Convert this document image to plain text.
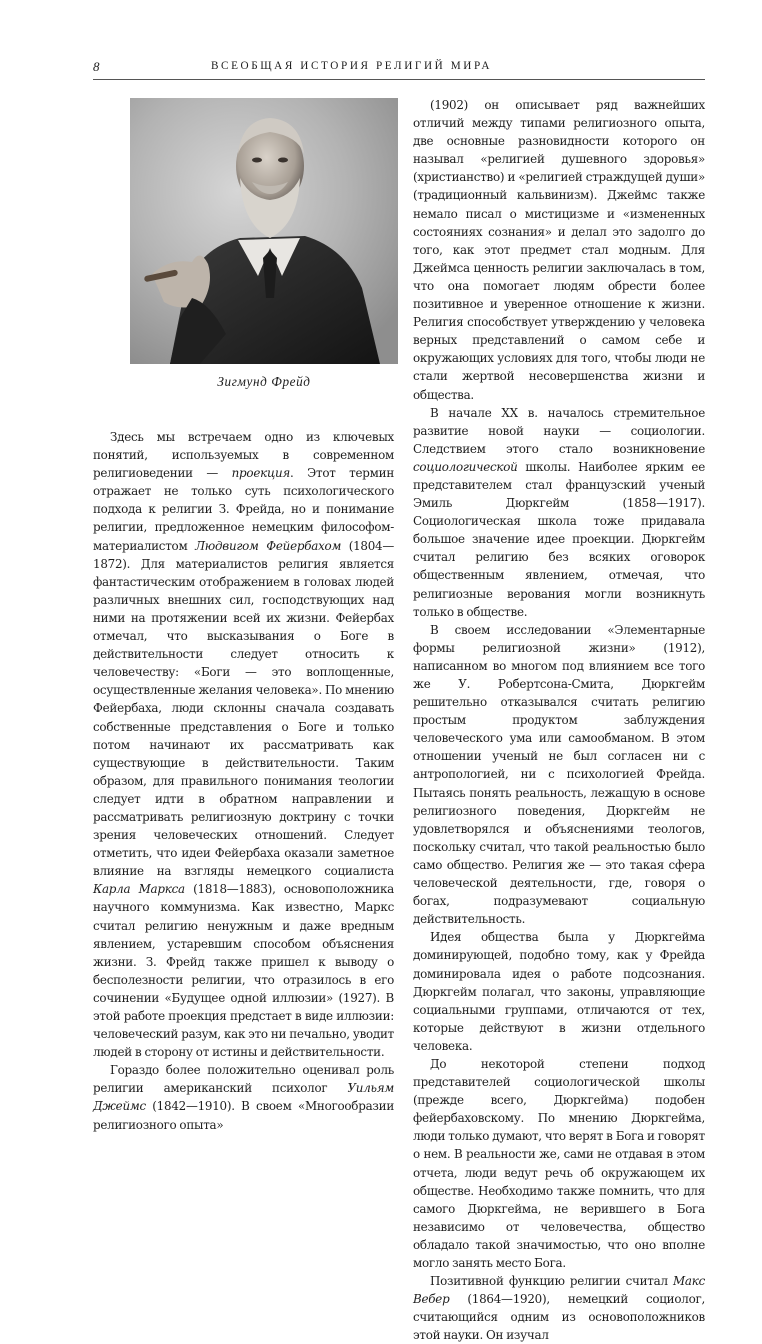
8	ВСЕОБЩАЯ ИСТОРИЯ РЕЛИГИЙ МИРА
Зигмунд Фрейд

Здесь мы встречаем одно из ключевых понятий, используемых в современном религиоведении — проекция. Этот термин отражает не только суть психологического подхода к религии З. Фрейда, но и понимание религии, предложенное немецким философом-материалистом Людвигом Фейербахом (1804—1872). Для материалистов религия является фантастическим отображением в головах людей различных внешних сил, господствующих над ними на протяжении всей их жизни. Фейербах отмечал, что высказывания о Боге в действительности следует относить к человечеству: «Боги — это воплощенные, осуществленные желания человека». По мнению Фейербаха, люди склонны сначала создавать собственные представления о Боге и только потом начинают их рассматривать как существующие в действительности. Таким образом, для правильного понимания теологии следует идти в обратном направлении и рассматривать религиозную доктрину с точки зрения человеческих отношений. Следует отметить, что идеи Фейербаха оказали заметное влияние на взгляды немецкого социалиста Карла Маркса (1818—1883), основоположника научного коммунизма. Как известно, Маркс считал религию ненужным и даже вредным явлением, устаревшим способом объяснения жизни. З. Фрейд также пришел к выводу о бесполезности религии, что отразилось в его сочинении «Будущее одной иллюзии» (1927). В этой работе проекция предстает в виде иллюзии: человеческий разум, как это ни печально, уводит людей в сторону от истины и действительности.

Гораздо более положительно оценивал роль религии американский психолог Уильям Джеймс (1842—1910). В своем «Многообразии религиозного опыта»

(1902) он описывает ряд важнейших отличий между типами религиозного опыта, две основные разновидности которого он называл «религией душевного здоровья» (христианство) и «религией страждущей души» (традиционный кальвинизм). Джеймс также немало писал о мистицизме и «измененных состояниях сознания» и делал это задолго до того, как этот предмет стал модным. Для Джеймса ценность религии заключалась в том, что она помогает людям обрести более позитивное и уверенное отношение к жизни. Религия способствует утверждению у человека верных представлений о самом себе и окружающих условиях для того, чтобы люди не стали жертвой несовершенства жизни и общества.

В начале XX в. началось стремительное развитие новой науки — социологии. Следствием этого стало возникновение социологической школы. Наиболее ярким ее представителем стал французский ученый Эмиль Дюркгейм (1858—1917). Социологическая школа тоже придавала большое значение идее проекции. Дюркгейм считал религию без всяких оговорок общественным явлением, отмечая, что религиозные верования могли возникнуть только в обществе.

В своем исследовании «Элементарные формы религиозной жизни» (1912), написанном во многом под влиянием все того же У. Робертсона-Смита, Дюркгейм решительно отказывался считать религию простым продуктом заблуждения человеческого ума или самообманом. В этом отношении ученый не был согласен ни с антропологией, ни с психологией Фрейда. Пытаясь понять реальность, лежащую в основе религиозного поведения, Дюркгейм не удовлетворялся и объяснениями теологов, поскольку считал, что такой реальностью было само общество. Религия же — это такая сфера человеческой деятельности, где, говоря о богах, подразумевают социальную действительность.

Идея общества была у Дюркгейма доминирующей, подобно тому, как у Фрейда доминировала идея о работе подсознания. Дюркгейм полагал, что законы, управляющие социальными группами, отличаются от тех, которые действуют в жизни отдельного человека.

До некоторой степени подход представителей социологической школы (прежде всего, Дюркгейма) подобен фейербаховскому. По мнению Дюркгейма, люди только думают, что верят в Бога и говорят о нем. В реальности же, сами не отдавая в этом отчета, люди ведут речь об окружающем их обществе. Необходимо также помнить, что для самого Дюркгейма, не верившего в Бога независимо от человечества, общество обладало такой значимостью, что оно вполне могло занять место Бога.

Позитивной функцию религии считал Макс Вебер (1864—1920), немецкий социолог, считающийся одним из основоположников этой науки. Он изучал
